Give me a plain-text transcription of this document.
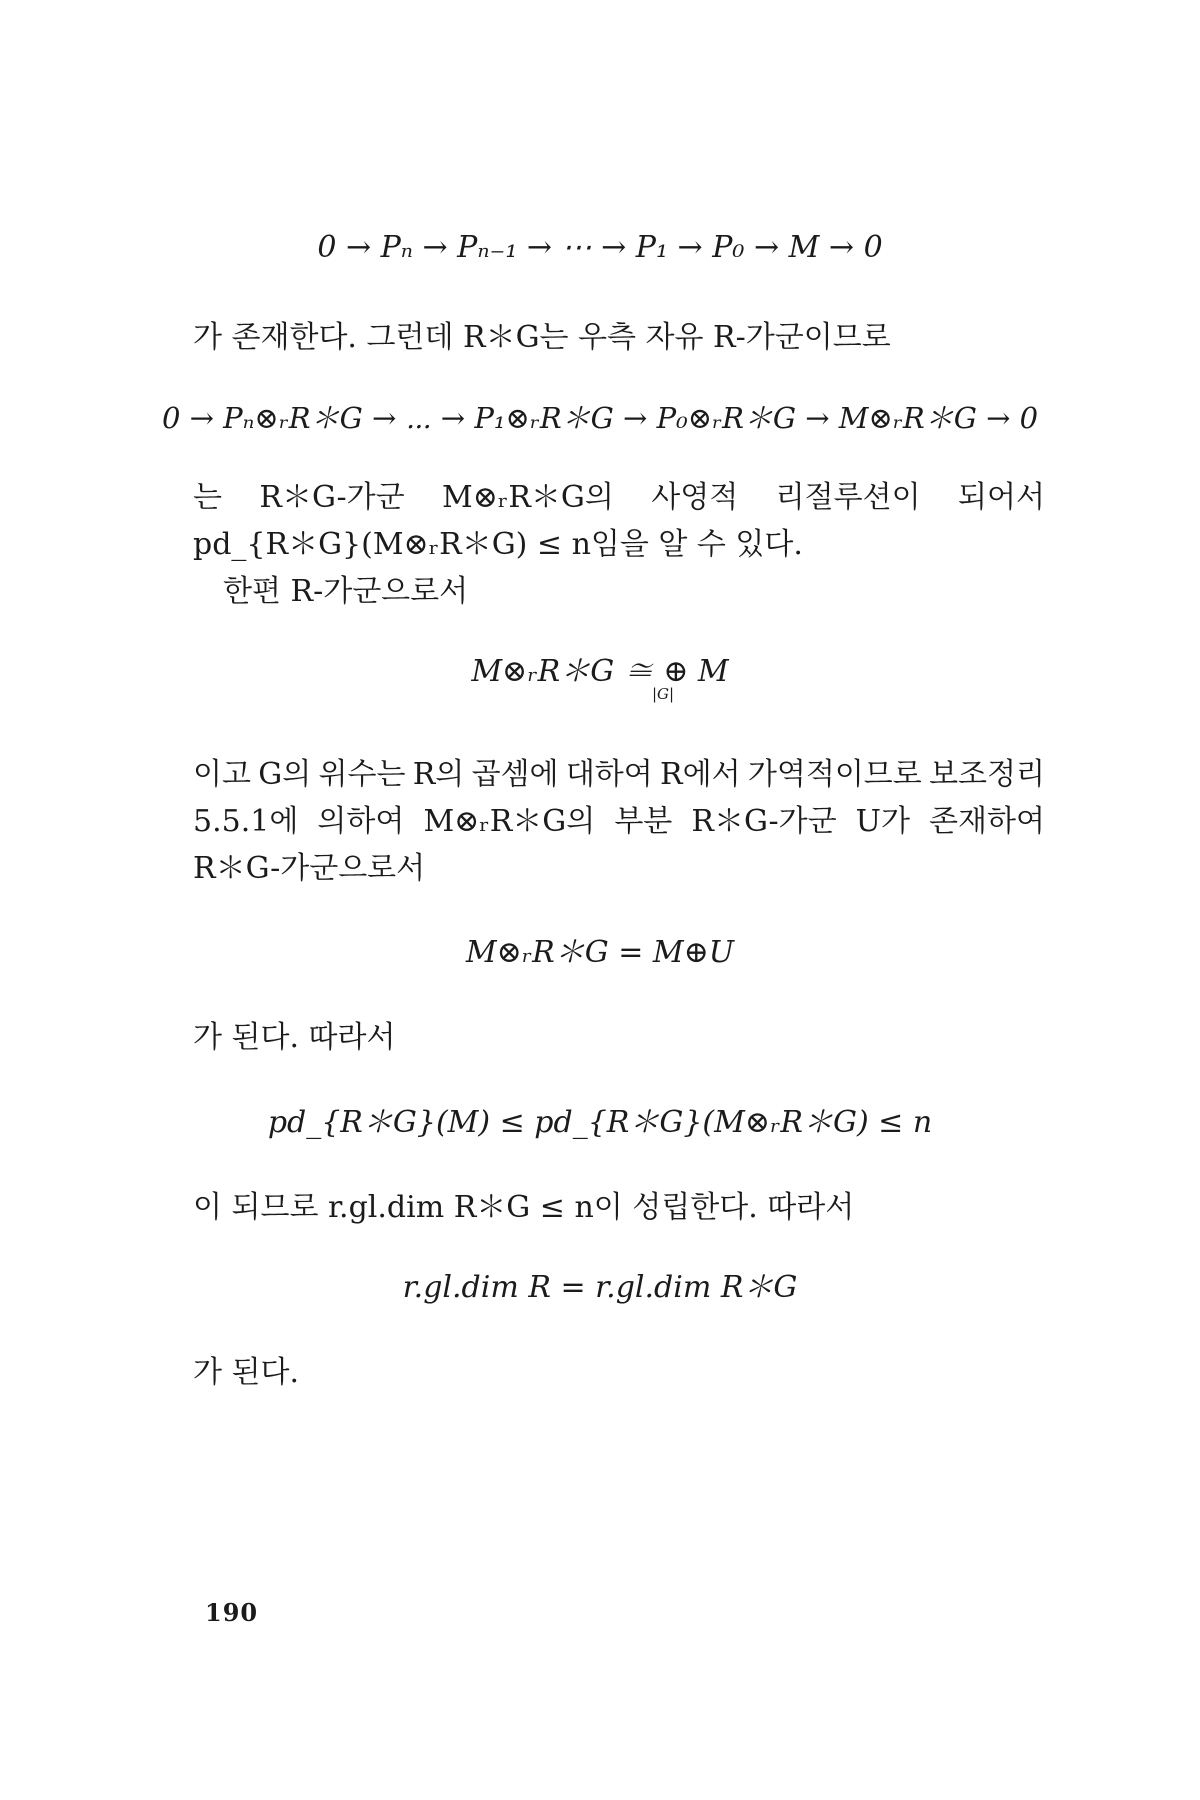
0 → Pₙ → Pₙ₋₁ → ⋯ → P₁ → P₀ → M → 0
가 존재한다. 그런데 R＊G는 우측 자유 R-가군이므로
0 → Pₙ⊗ᵣR＊G → ⋯ → P₁⊗ᵣR＊G → P₀⊗ᵣR＊G → M⊗ᵣR＊G → 0
는 R＊G-가군 M⊗ᵣR＊G의 사영적 리절루션이 되어서
pd_{R＊G}(M⊗ᵣR＊G) ≤ n임을 알 수 있다.
한편 R-가군으로서
M⊗ᵣR＊G ≅ ⊕ M
|G|
이고 G의 위수는 R의 곱셈에 대하여 R에서 가역적이므로 보조정리
5.5.1에 의하여 M⊗ᵣR＊G의 부분 R＊G-가군 U가 존재하여
R＊G-가군으로서
M⊗ᵣR＊G = M⊕U
가 된다. 따라서
pd_{R＊G}(M) ≤ pd_{R＊G}(M⊗ᵣR＊G) ≤ n
이 되므로 r.gl.dim R＊G ≤ n이 성립한다. 따라서
r.gl.dim R = r.gl.dim R＊G
가 된다.
190
